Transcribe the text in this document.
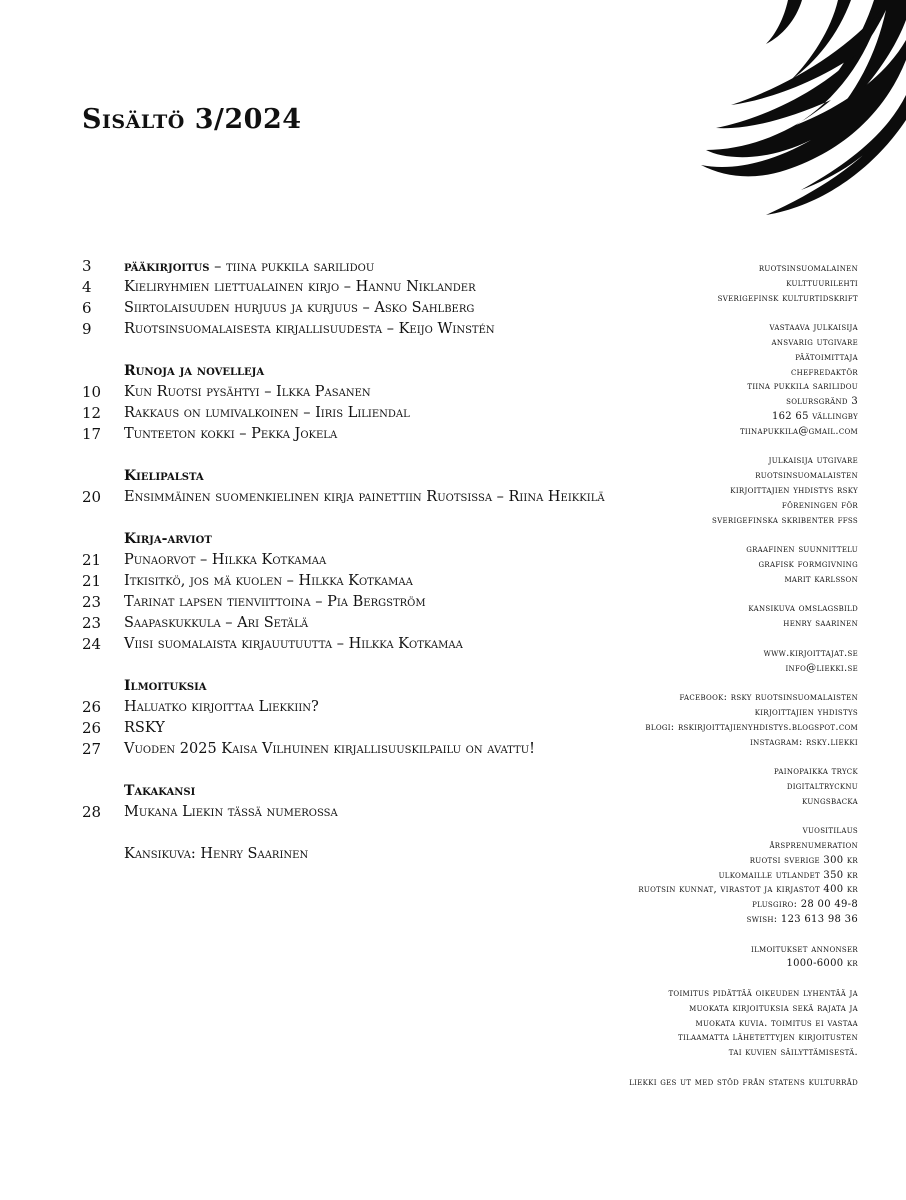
Sisältö 3/2024
3	pääkirjoitus – tiina pukkila sarilidou
4	Kieliryhmien liettualainen kirjo – Hannu Niklander
6	Siirtolaisuuden hurjuus ja kurjuus – Asko Sahlberg
9	Ruotsinsuomalaisesta kirjallisuudesta – Keijo Winstén
Runoja ja novelleja
10	Kun Ruotsi pysähtyi – Ilkka Pasanen
12	Rakkaus on lumivalkoinen – Iiris Liliendal
17	Tunteeton kokki – Pekka Jokela
Kielipalsta
20	Ensimmäinen suomenkielinen kirja painettiin Ruotsissa – Riina Heikkilä
Kirja-arviot
21	Punaorvot – Hilkka Kotkamaa
21	Itkisitkö, jos mä kuolen – Hilkka Kotkamaa
23	Tarinat lapsen tienviittoina – Pia Bergström
23	Saapaskukkula – Ari Setälä
24	Viisi suomalaista kirjauutuutta – Hilkka Kotkamaa
Ilmoituksia
26	Haluatko kirjoittaa Liekkiin?
26	RSKY
27	Vuoden 2025 Kaisa Vilhuinen kirjallisuuskilpailu on avattu!
Takakansi
28	Mukana Liekin tässä numerossa
Kansikuva: Henry Saarinen
ruotsinsuomalainen
kulttuurilehti
sverigefinsk kulturtidskrift
vastaava julkaisija
ansvarig utgivare
päätoimittaja
chefredaktör
tiina pukkila sarilidou
solursgränd 3
162 65 vällingby
tiinapukkila@gmail.com
julkaisija utgivare
ruotsinsuomalaisten
kirjoittajien yhdistys rsky
föreningen för
sverigefinska skribenter ffss
graafinen suunnittelu
grafisk formgivning
marit karlsson
kansikuva omslagsbild
henry saarinen
www.kirjoittajat.se
info@liekki.se
facebook: rsky ruotsinsuomalaisten
kirjoittajien yhdistys
blogi: rskirjoittajienyhdistys.blogspot.com
instagram: rsky.liekki
painopaikka tryck
digitaltrycknu
kungsbacka
vuositilaus
årsprenumeration
ruotsi sverige 300 kr
ulkomaille utlandet 350 kr
ruotsin kunnat, virastot ja kirjastot 400 kr
plusgiro: 28 00 49-8
swish: 123 613 98 36
ilmoitukset annonser
1000-6000 kr
toimitus pidättää oikeuden lyhentää ja
muokata kirjoituksia sekä rajata ja
muokata kuvia. toimitus ei vastaa
tilaamatta lähetettyjen kirjoitusten
tai kuvien säilyttämisestä.
liekki ges ut med stöd från statens kulturråd
